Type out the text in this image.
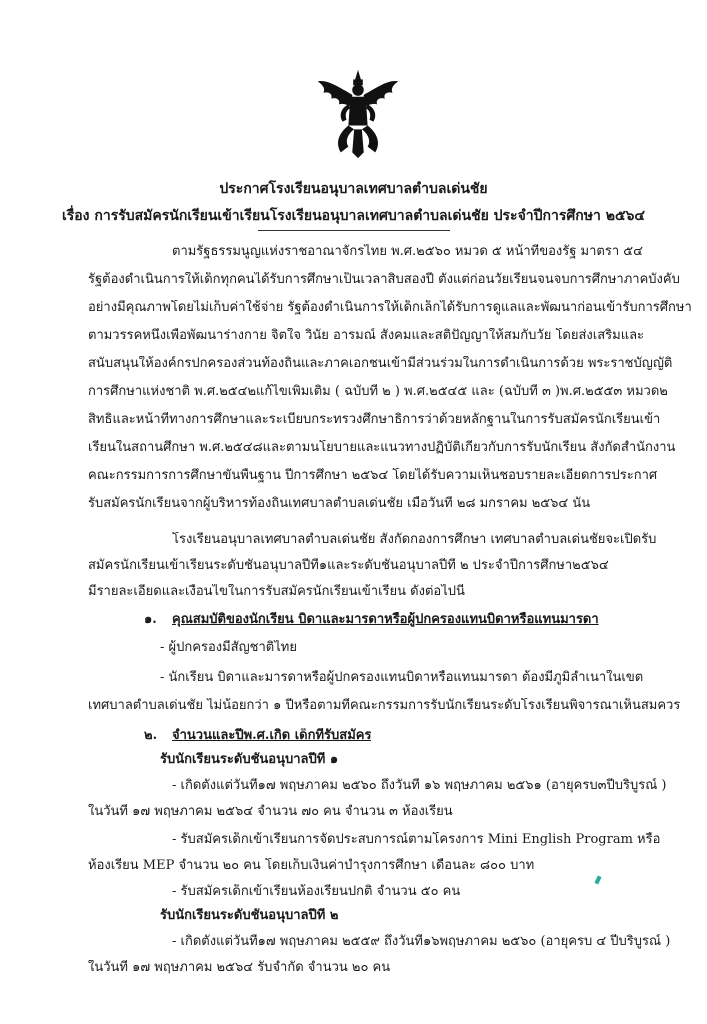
ประกาศโรงเรียนอนุบาลเทศบาลตำบลเด่นชัย
เรื่อง การรับสมัครนักเรียนเข้าเรียนโรงเรียนอนุบาลเทศบาลตำบลเด่นชัย ประจำปีการศึกษา ๒๕๖๔
ตามรัฐธรรมนูญแห่งราชอาณาจักรไทย พ.ศ.๒๕๖๐ หมวด ๕ หน้าที่ของรัฐ มาตรา ๕๔
รัฐต้องดำเนินการให้เด็กทุกคนได้รับการศึกษาเป็นเวลาสิบสองปี ตั้งแต่ก่อนวัยเรียนจนจบการศึกษาภาคบังคับ
อย่างมีคุณภาพโดยไม่เก็บค่าใช้จ่าย รัฐต้องดำเนินการให้เด็กเล็กได้รับการดูแลและพัฒนาก่อนเข้ารับการศึกษา
ตามวรรคหนึ่งเพื่อพัฒนาร่างกาย จิตใจ วินัย อารมณ์ สังคมและสติปัญญาให้สมกับวัย โดยส่งเสริมและ
สนับสนุนให้องค์กรปกครองส่วนท้องถิ่นและภาคเอกชนเข้ามีส่วนร่วมในการดำเนินการด้วย พระราชบัญญัติ
การศึกษาแห่งชาติ พ.ศ.๒๕๔๒แก้ไขเพิ่มเติม ( ฉบับที่ ๒ ) พ.ศ.๒๕๔๕ และ (ฉบับที่ ๓ )พ.ศ.๒๕๕๓ หมวด๒
สิทธิและหน้าที่ทางการศึกษาและระเบียบกระทรวงศึกษาธิการว่าด้วยหลักฐานในการรับสมัครนักเรียนเข้า
เรียนในสถานศึกษา พ.ศ.๒๕๔๘และตามนโยบายและแนวทางปฏิบัติเกี่ยวกับการรับนักเรียน สังกัดสำนักงาน
คณะกรรมการการศึกษาขั้นพื้นฐาน ปีการศึกษา ๒๕๖๔ โดยได้รับความเห็นชอบรายละเอียดการประกาศ
รับสมัครนักเรียนจากผู้บริหารท้องถิ่นเทศบาลตำบลเด่นชัย เมื่อวันที่ ๒๘ มกราคม ๒๕๖๔ นั้น
โรงเรียนอนุบาลเทศบาลตำบลเด่นชัย สังกัดกองการศึกษา เทศบาลตำบลเด่นชัยจะเปิดรับ
สมัครนักเรียนเข้าเรียนระดับชั้นอนุบาลปีที่๑และระดับชั้นอนุบาลปีที่ ๒ ประจำปีการศึกษา๒๕๖๔
มีรายละเอียดและเงื่อนไขในการรับสมัครนักเรียนเข้าเรียน ดังต่อไปนี้
๑. คุณสมบัติของนักเรียน บิดาและมารดาหรือผู้ปกครองแทนบิดาหรือแทนมารดา
- ผู้ปกครองมีสัญชาติไทย
- นักเรียน บิดาและมารดาหรือผู้ปกครองแทนบิดาหรือแทนมารดา ต้องมีภูมิลำเนาในเขต
เทศบาลตำบลเด่นชัย ไม่น้อยกว่า ๑ ปีหรือตามที่คณะกรรมการรับนักเรียนระดับโรงเรียนพิจารณาเห็นสมควร
๒. จำนวนและปีพ.ศ.เกิด เด็กที่รับสมัคร
รับนักเรียนระดับชั้นอนุบาลปีที่ ๑
- เกิดตั้งแต่วันที่๑๗ พฤษภาคม ๒๕๖๐ ถึงวันที่ ๑๖ พฤษภาคม ๒๕๖๑ (อายุครบ๓ปีบริบูรณ์ )
ในวันที่ ๑๗ พฤษภาคม ๒๕๖๔ จำนวน ๗๐ คน จำนวน ๓ ห้องเรียน
- รับสมัครเด็กเข้าเรียนการจัดประสบการณ์ตามโครงการ Mini English Program หรือ
ห้องเรียน MEP จำนวน ๒๐ คน โดยเก็บเงินค่าบำรุงการศึกษา เดือนละ ๘๐๐ บาท
- รับสมัครเด็กเข้าเรียนห้องเรียนปกติ จำนวน ๕๐ คน
รับนักเรียนระดับชั้นอนุบาลปีที่ ๒
- เกิดตั้งแต่วันที่๑๗ พฤษภาคม ๒๕๕๙ ถึงวันที่๑๖พฤษภาคม ๒๕๖๐ (อายุครบ ๔ ปีบริบูรณ์ )
ในวันที่ ๑๗ พฤษภาคม ๒๕๖๔ รับจำกัด จำนวน ๒๐ คน
